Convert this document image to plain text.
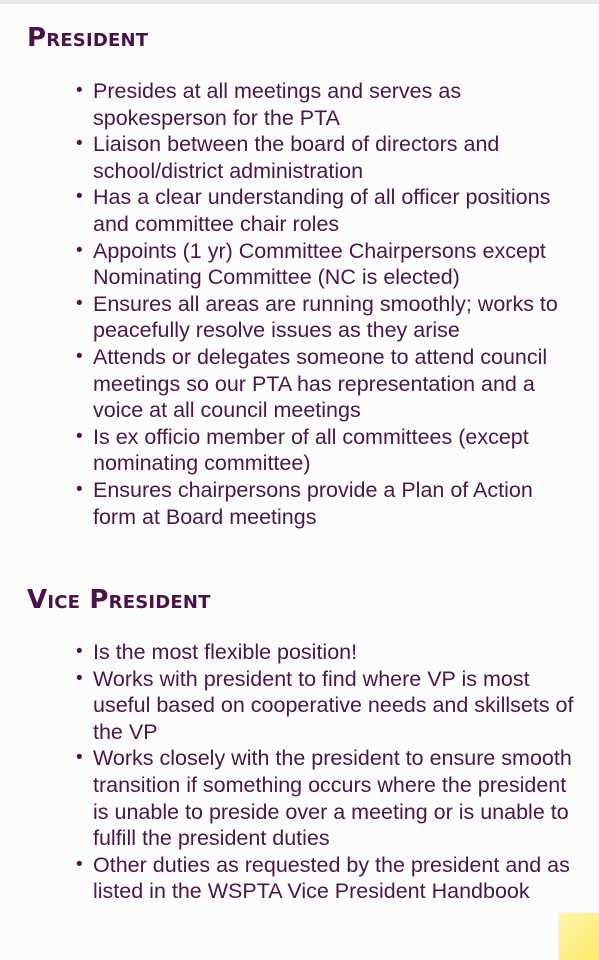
President
• Presides at all meetings and serves as spokesperson for the PTA
• Liaison between the board of directors and school/district administration
• Has a clear understanding of all officer positions and committee chair roles
• Appoints (1 yr) Committee Chairpersons except Nominating Committee (NC is elected)
• Ensures all areas are running smoothly; works to peacefully resolve issues as they arise
• Attends or delegates someone to attend council meetings so our PTA has representation and a voice at all council meetings
• Is ex officio member of all committees (except nominating committee)
• Ensures chairpersons provide a Plan of Action form at Board meetings
Vice President
• Is the most flexible position!
• Works with president to find where VP is most useful based on cooperative needs and skillsets of the VP
• Works closely with the president to ensure smooth transition if something occurs where the president is unable to preside over a meeting or is unable to fulfill the president duties
• Other duties as requested by the president and as listed in the WSPTA Vice President Handbook
